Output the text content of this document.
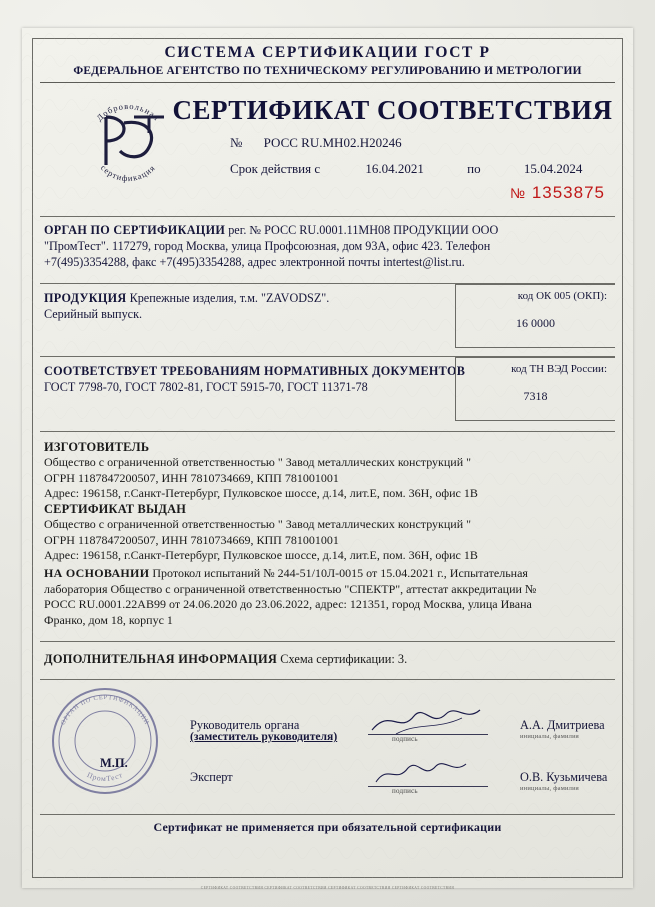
СИСТЕМА СЕРТИФИКАЦИИ ГОСТ Р
ФЕДЕРАЛЬНОЕ АГЕНТСТВО ПО ТЕХНИЧЕСКОМУ РЕГУЛИРОВАНИЮ И МЕТРОЛОГИИ
Добровольная
сертификация
СЕРТИФИКАТ СООТВЕТСТВИЯ
№ РОСС RU.МН02.Н20246
Срок действия с	16.04.2021	по	15.04.2024
№ 1353875
ОРГАН ПО СЕРТИФИКАЦИИ рег. № РОСС RU.0001.11МН08 ПРОДУКЦИИ ООО
"ПромТест". 117279, город Москва, улица Профсоюзная, дом 93А, офис 423. Телефон
+7(495)3354288, факс +7(495)3354288, адрес электронной почты intertest@list.ru.
код ОК 005 (ОКП):
16 0000
ПРОДУКЦИЯ Крепежные изделия, т.м. "ZAVODSZ".
Серийный выпуск.
код ТН ВЭД России:
7318
СООТВЕТСТВУЕТ ТРЕБОВАНИЯМ НОРМАТИВНЫХ ДОКУМЕНТОВ
ГОСТ 7798-70, ГОСТ 7802-81, ГОСТ 5915-70, ГОСТ 11371-78
ИЗГОТОВИТЕЛЬ
Общество с ограниченной ответственностью " Завод металлических конструкций "
ОГРН 1187847200507, ИНН 7810734669, КПП 781001001
Адрес: 196158, г.Санкт-Петербург, Пулковское шоссе, д.14, лит.Е, пом. 36Н, офис 1В
СЕРТИФИКАТ ВЫДАН
Общество с ограниченной ответственностью " Завод металлических конструкций "
ОГРН 1187847200507, ИНН 7810734669, КПП 781001001
Адрес: 196158, г.Санкт-Петербург, Пулковское шоссе, д.14, лит.Е, пом. 36Н, офис 1В
НА ОСНОВАНИИ Протокол испытаний № 244-51/10Л-0015 от 15.04.2021 г., Испытательная
лаборатория Общество с ограниченной ответственностью "СПЕКТР", аттестат аккредитации №
РОСС RU.0001.22АВ99 от 24.06.2020 до 23.06.2022, адрес: 121351, город Москва, улица Ивана
Франко, дом 18, корпус 1
ДОПОЛНИТЕЛЬНАЯ ИНФОРМАЦИЯ Схема сертификации: 3.
ОРГАН ПО СЕРТИФИКАЦИИ
ПромТест
М.П.
Руководитель органа
(заместитель руководителя)	подпись
А.А. Дмитриева
инициалы, фамилия
Эксперт
подпись
О.В. Кузьмичева
инициалы, фамилия
Сертификат не применяется при обязательной сертификации
СЕРТИФИКАТ СООТВЕТСТВИЯ СЕРТИФИКАТ СООТВЕТСТВИЯ СЕРТИФИКАТ СООТВЕТСТВИЯ СЕРТИФИКАТ СООТВЕТСТВИЯ
